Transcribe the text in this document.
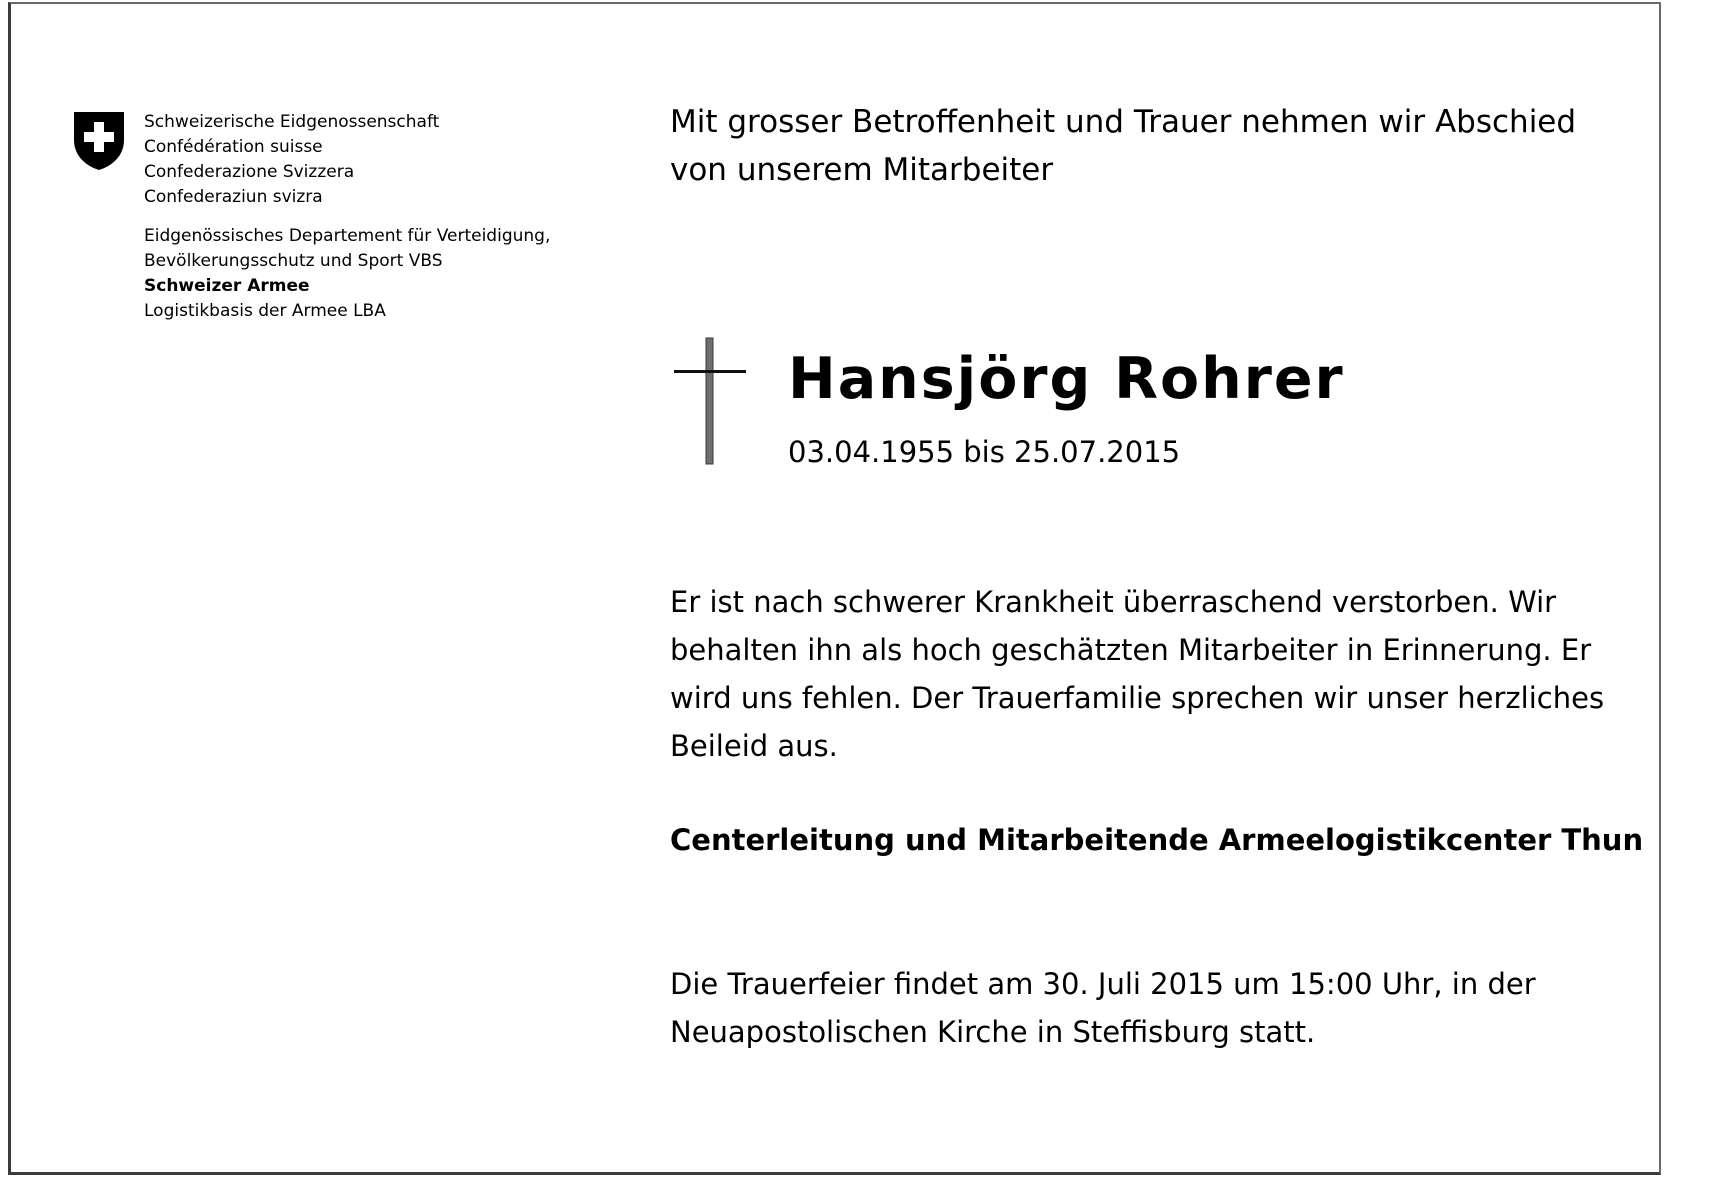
Schweizerische Eidgenossenschaft
Confédération suisse
Confederazione Svizzera
Confederaziun svizra
Eidgenössisches Departement für Verteidigung,
Bevölkerungsschutz und Sport VBS
Schweizer Armee
Logistikbasis der Armee LBA
Mit grosser Betroffenheit und Trauer nehmen wir Abschied
von unserem Mitarbeiter
Hansjörg Rohrer
03.04.1955 bis 25.07.2015
Er ist nach schwerer Krankheit überraschend verstorben. Wir
behalten ihn als hoch geschätzten Mitarbeiter in Erinnerung. Er
wird uns fehlen. Der Trauerfamilie sprechen wir unser herzliches
Beileid aus.
Centerleitung und Mitarbeitende Armeelogistikcenter Thun
Die Trauerfeier findet am 30. Juli 2015 um 15:00 Uhr, in der
Neuapostolischen Kirche in Steffisburg statt.
